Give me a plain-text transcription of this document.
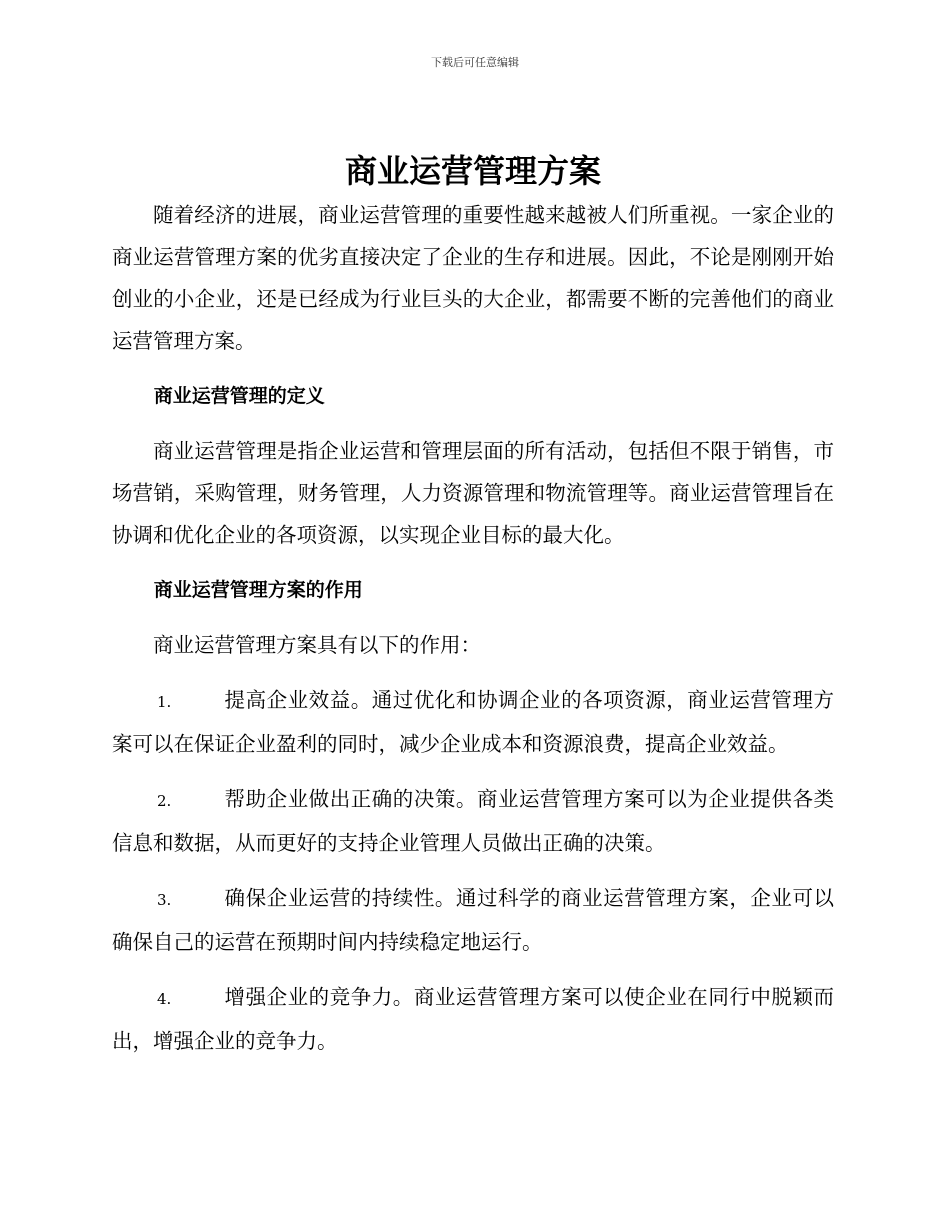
下载后可任意编辑
商业运营管理方案

随着经济的进展，商业运营管理的重要性越来越被人们所重视。一家企业的商业运营管理方案的优劣直接决定了企业的生存和进展。因此，不论是刚刚开始创业的小企业，还是已经成为行业巨头的大企业，都需要不断的完善他们的商业运营管理方案。

商业运营管理的定义

商业运营管理是指企业运营和管理层面的所有活动，包括但不限于销售，市场营销，采购管理，财务管理，人力资源管理和物流管理等。商业运营管理旨在协调和优化企业的各项资源，以实现企业目标的最大化。

商业运营管理方案的作用

商业运营管理方案具有以下的作用：

1.	提高企业效益。通过优化和协调企业的各项资源，商业运营管理方案可以在保证企业盈利的同时，减少企业成本和资源浪费，提高企业效益。

2.	帮助企业做出正确的决策。商业运营管理方案可以为企业提供各类信息和数据，从而更好的支持企业管理人员做出正确的决策。

3.	确保企业运营的持续性。通过科学的商业运营管理方案，企业可以确保自己的运营在预期时间内持续稳定地运行。

4.	增强企业的竞争力。商业运营管理方案可以使企业在同行中脱颖而出，增强企业的竞争力。
